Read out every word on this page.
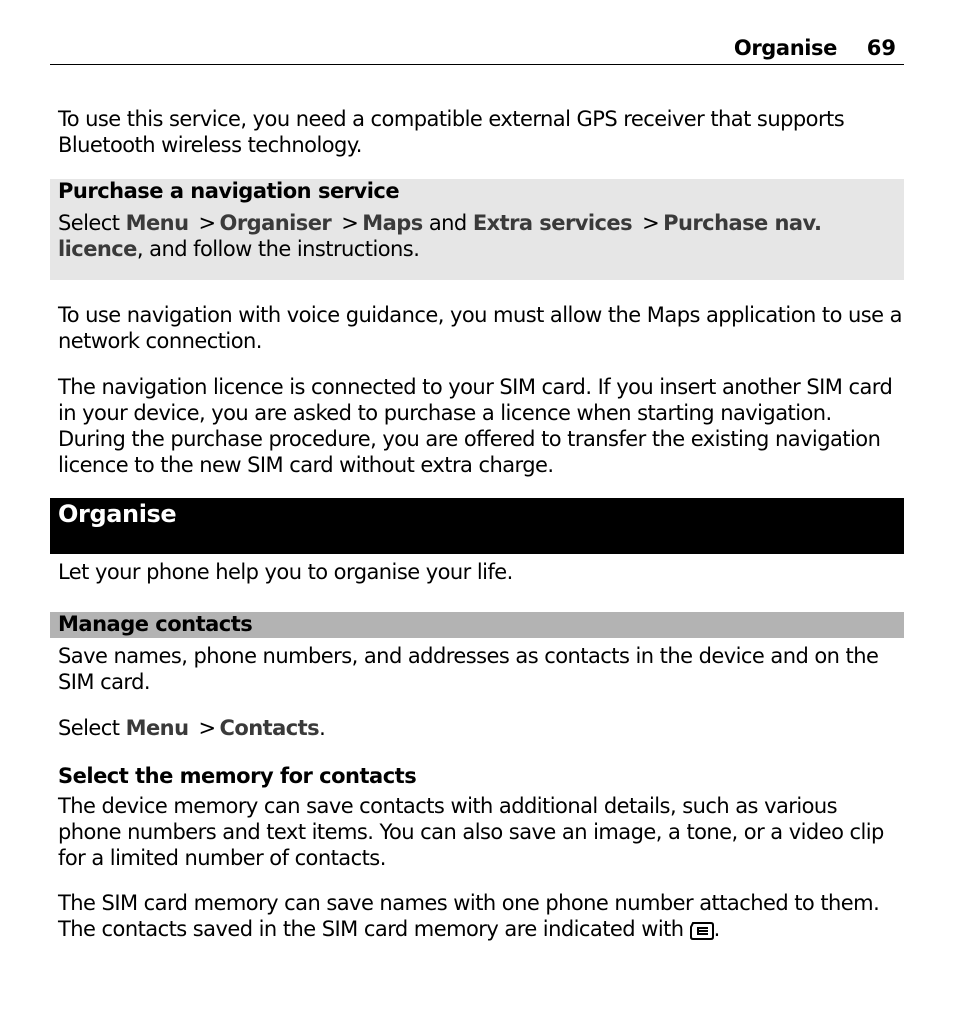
Organise 69

To use this service, you need a compatible external GPS receiver that supports Bluetooth wireless technology.

Purchase a navigation service

Select Menu > Organiser > Maps and Extra services > Purchase nav. licence, and follow the instructions.

To use navigation with voice guidance, you must allow the Maps application to use a network connection.

The navigation licence is connected to your SIM card. If you insert another SIM card in your device, you are asked to purchase a licence when starting navigation. During the purchase procedure, you are offered to transfer the existing navigation licence to the new SIM card without extra charge.

Organise

Let your phone help you to organise your life.

Manage contacts

Save names, phone numbers, and addresses as contacts in the device and on the SIM card.

Select Menu > Contacts.

Select the memory for contacts

The device memory can save contacts with additional details, such as various phone numbers and text items. You can also save an image, a tone, or a video clip for a limited number of contacts.

The SIM card memory can save names with one phone number attached to them. The contacts saved in the SIM card memory are indicated with .
